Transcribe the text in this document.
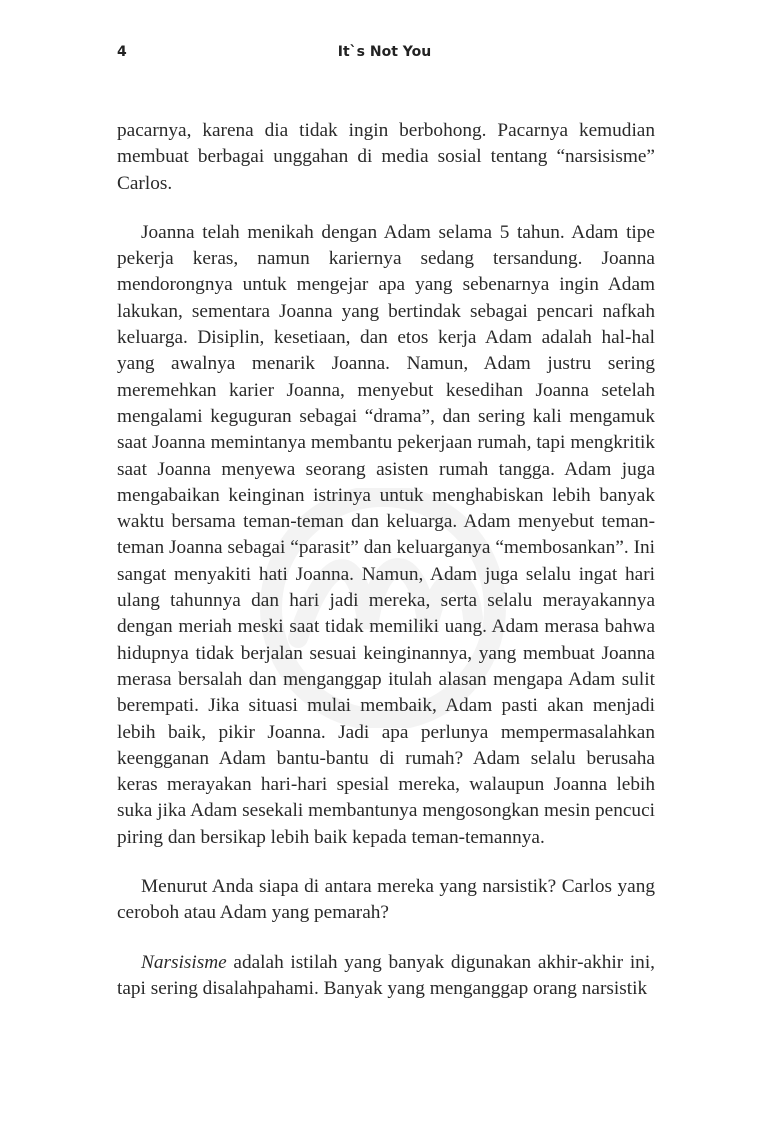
4	It`s Not You

pacarnya, karena dia tidak ingin berbohong. Pacarnya kemudian membuat berbagai unggahan di media sosial tentang “narsisisme” Carlos.

Joanna telah menikah dengan Adam selama 5 tahun. Adam tipe pekerja keras, namun kariernya sedang tersandung. Joanna mendorongnya untuk mengejar apa yang sebenarnya ingin Adam lakukan, sementara Joanna yang bertindak sebagai pencari nafkah keluarga. Disiplin, kesetiaan, dan etos kerja Adam adalah hal-hal yang awalnya menarik Joanna. Namun, Adam justru sering meremehkan karier Joanna, menyebut kesedihan Joanna setelah mengalami keguguran sebagai “drama”, dan sering kali mengamuk saat Joanna memintanya membantu pekerjaan rumah, tapi mengkritik saat Joanna menyewa seorang asisten rumah tangga. Adam juga mengabaikan keinginan istrinya untuk menghabiskan lebih banyak waktu bersama teman-teman dan keluarga. Adam menyebut teman-teman Joanna sebagai “parasit” dan keluarganya “membosankan”. Ini sangat menyakiti hati Joanna. Namun, Adam juga selalu ingat hari ulang tahunnya dan hari jadi mereka, serta selalu merayakannya dengan meriah meski saat tidak memiliki uang. Adam merasa bahwa hidupnya tidak berjalan sesuai keinginannya, yang membuat Joanna merasa bersalah dan menganggap itulah alasan mengapa Adam sulit berempati. Jika situasi mulai membaik, Adam pasti akan menjadi lebih baik, pikir Joanna. Jadi apa perlunya mempermasalahkan keengganan Adam bantu-bantu di rumah? Adam selalu berusaha keras merayakan hari-hari spesial mereka, walaupun Joanna lebih suka jika Adam sesekali membantunya mengosongkan mesin pencuci piring dan bersikap lebih baik kepada teman-temannya.

Menurut Anda siapa di antara mereka yang narsistik? Carlos yang ceroboh atau Adam yang pemarah?

Narsisisme adalah istilah yang banyak digunakan akhir-akhir ini, tapi sering disalahpahami. Banyak yang menganggap orang narsistik
